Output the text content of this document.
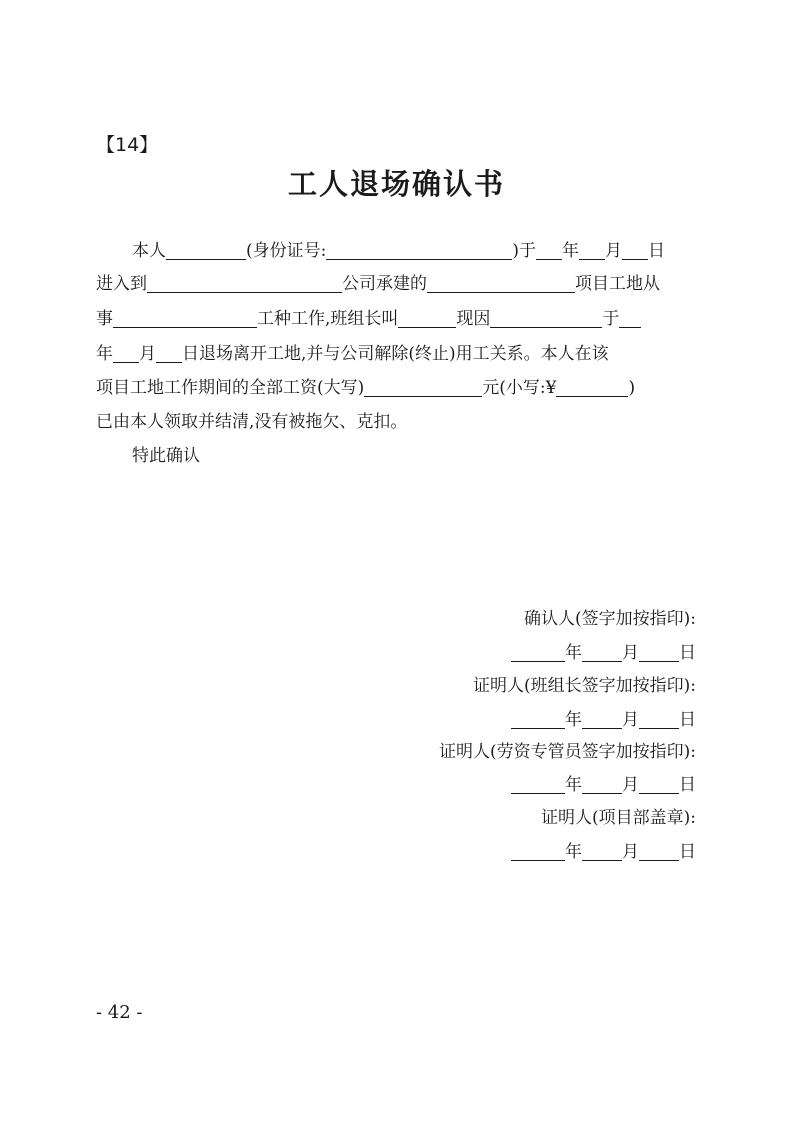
【14】
工人退场确认书
本人	(身份证号:	)于 年 月 日
进入到	公司承建的	项目工地从
事	工种工作,班组长叫	现因	于
年 月 日退场离开工地,并与公司解除(终止)用工关系。本人在该
项目工地工作期间的全部工资(大写)	元(小写:¥	)
已由本人领取并结清,没有被拖欠、克扣。
特此确认
确认人(签字加按指印):
年 月 日
证明人(班组长签字加按指印):
年 月 日
证明人(劳资专管员签字加按指印):
年 月 日
证明人(项目部盖章):
年 月 日
- 42 -
